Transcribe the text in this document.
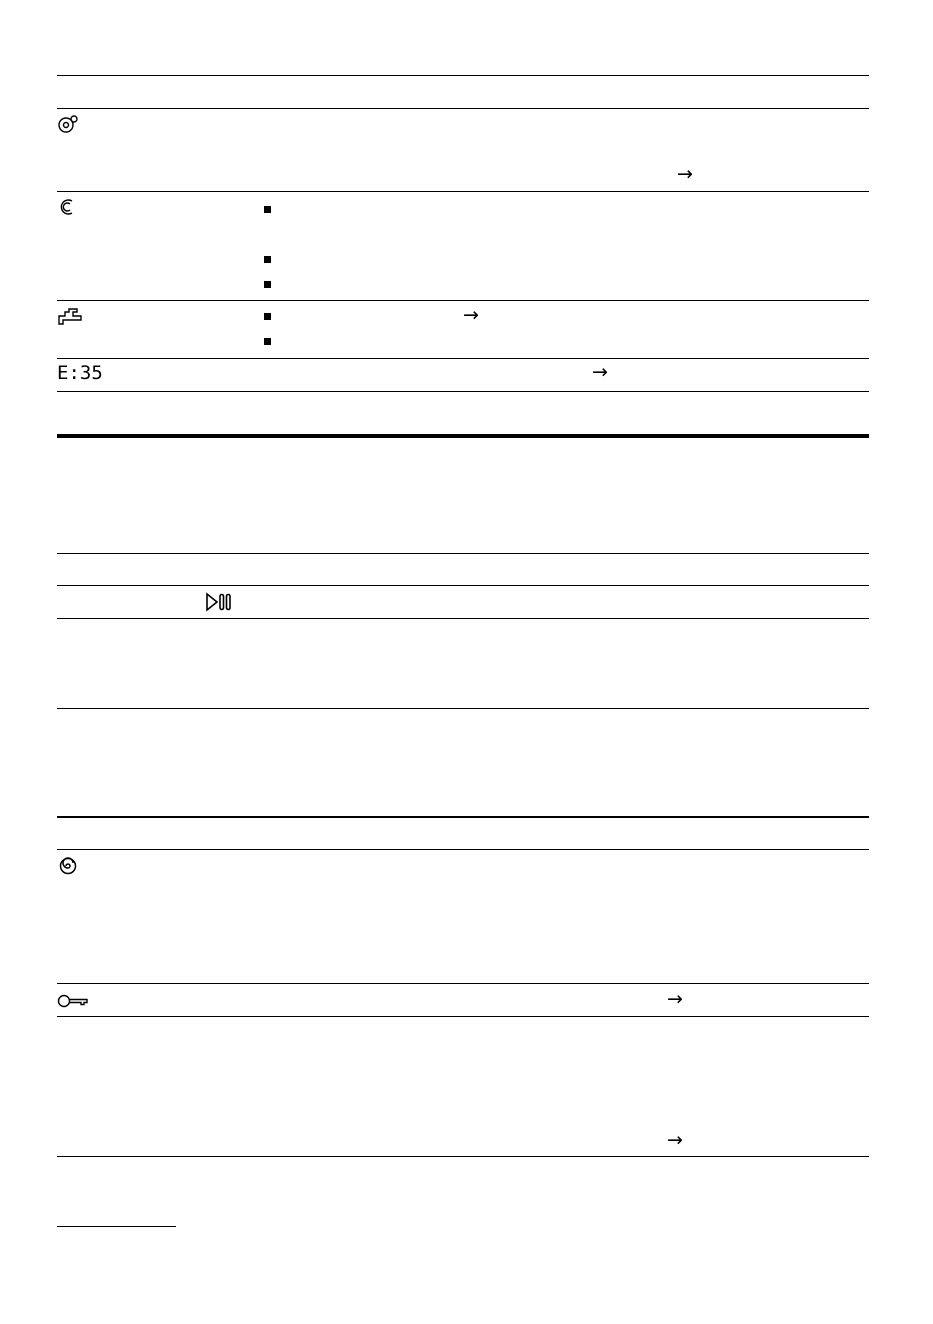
→
→
E:35	→
→
→
